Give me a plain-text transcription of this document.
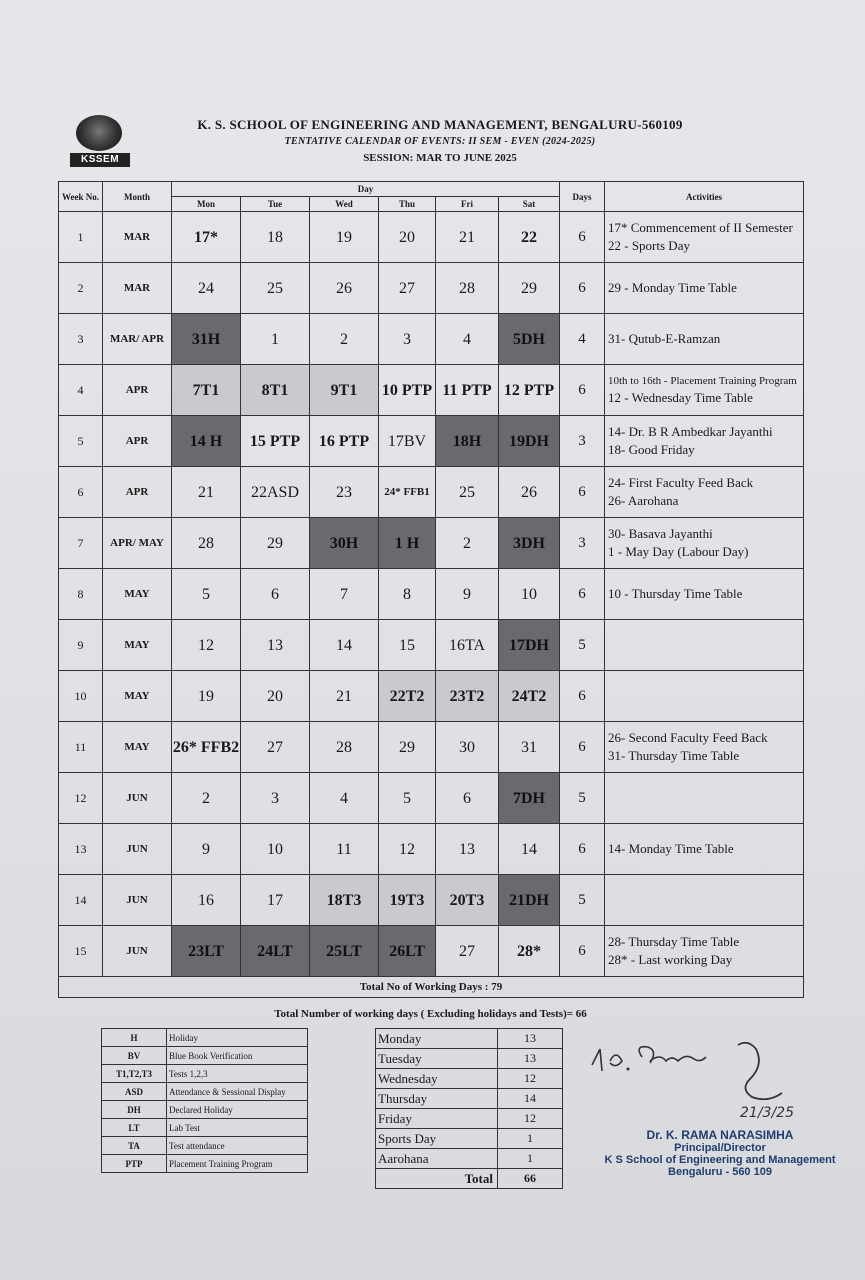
KSSEM
K. S. SCHOOL OF ENGINEERING AND MANAGEMENT, BENGALURU-560109
TENTATIVE CALENDAR OF EVENTS: II SEM - EVEN (2024-2025)
SESSION: MAR TO JUNE 2025
Week No.	Month	Day						Days	Activities
		Mon	Tue	Wed	Thu	Fri	Sat		
1	MAR	17*	18	19	20	21	22	6	17* Commencement of II Semester
22 - Sports Day

2	MAR	24	25	26	27	28	29	6	29 - Monday Time Table

3	MAR/ APR	31H	1	2	3	4	5DH	4	31- Qutub-E-Ramzan

4	APR	7T1	8T1	9T1	10 PTP	11 PTP	12 PTP	6	10th to 16th - Placement Training Program
12 - Wednesday Time Table

5	APR	14 H	15 PTP	16 PTP	17BV	18H	19DH	3	14- Dr. B R Ambedkar Jayanthi
18- Good Friday

6	APR	21	22ASD	23	24* FFB1	25	26	6	24- First Faculty Feed Back
26- Aarohana

7	APR/ MAY	28	29	30H	1 H	2	3DH	3	30- Basava Jayanthi
1 - May Day (Labour Day)

8	MAY	5	6	7	8	9	10	6	10 - Thursday Time Table

9	MAY	12	13	14	15	16TA	17DH	5	
10	MAY	19	20	21	22T2	23T2	24T2	6	
11	MAY	26* FFB2	27	28	29	30	31	6	26- Second Faculty Feed Back
31- Thursday Time Table

12	JUN	2	3	4	5	6	7DH	5	
13	JUN	9	10	11	12	13	14	6	14- Monday Time Table

14	JUN	16	17	18T3	19T3	20T3	21DH	5	
15	JUN	23LT	24LT	25LT	26LT	27	28*	6	28- Thursday Time Table
28* - Last working Day

Total No of Working Days : 79									
Total Number of working days ( Excluding holidays and Tests)= 66
H	Holiday
BV	Blue Book Verification
T1,T2,T3	Tests 1,2,3
ASD	Attendance & Sessional Display
DH	Declared Holiday
LT	Lab Test
TA	Test attendance
PTP	Placement Training Program
Monday	13
Tuesday	13
Wednesday	12
Thursday	14
Friday	12
Sports Day	1
Aarohana	1
Total	66
21/3/25
Dr. K. RAMA NARASIMHA
Principal/Director
K S School of Engineering and Management
Bengaluru - 560 109
